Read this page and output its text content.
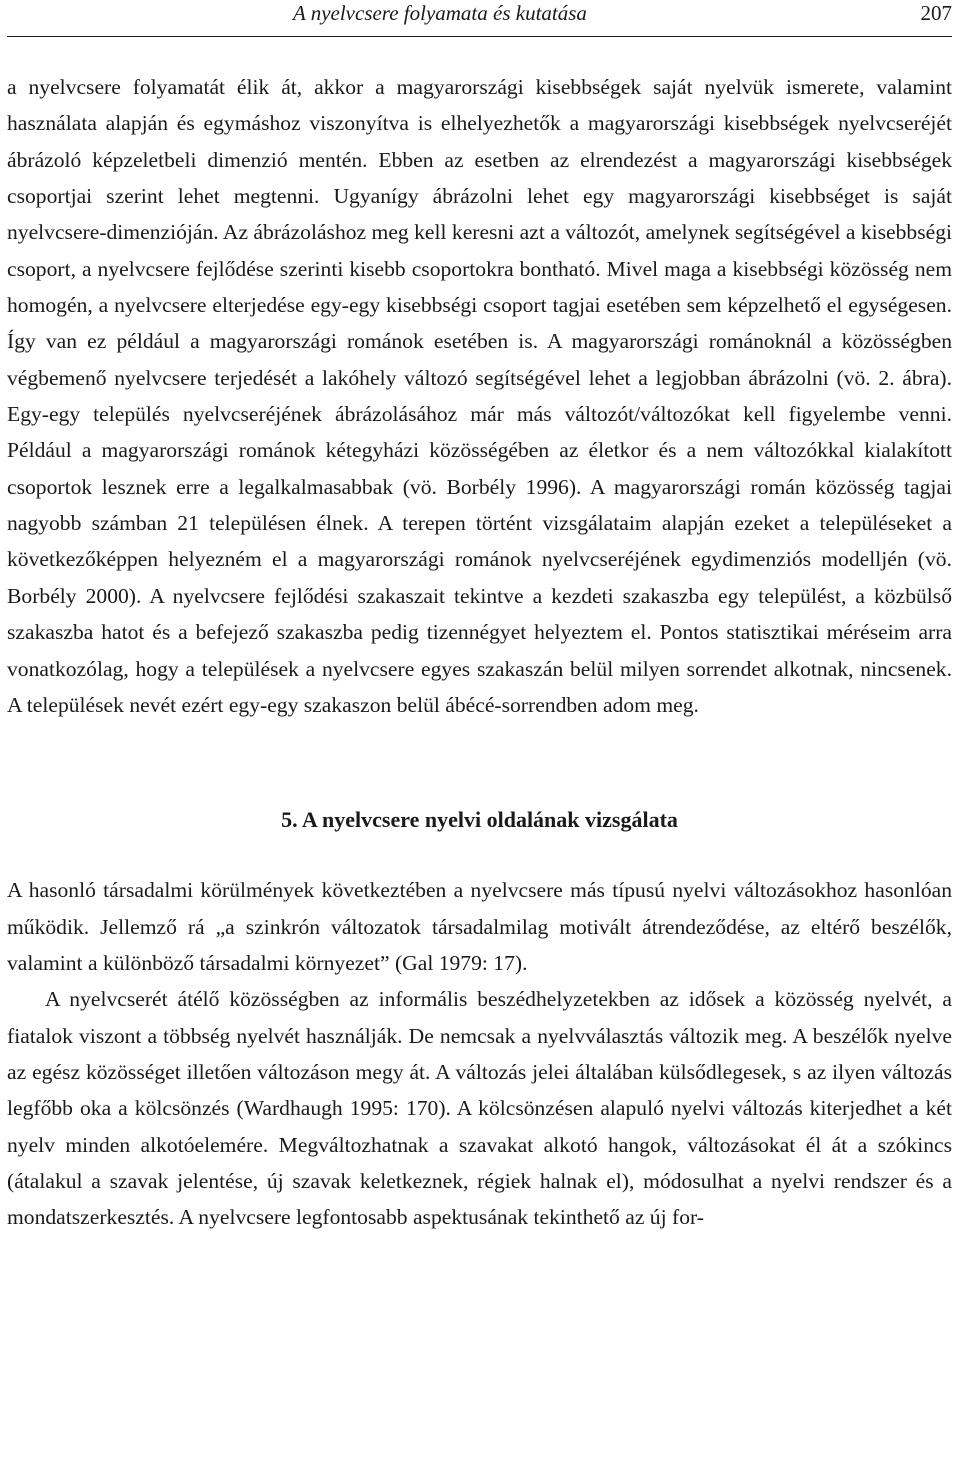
A nyelvcsere folyamata és kutatása	207

a nyelvcsere folyamatát élik át, akkor a magyarországi kisebbségek saját nyelvük ismerete, valamint használata alapján és egymáshoz viszonyítva is elhelyezhetők a magyarországi kisebbségek nyelvcseréjét ábrázoló képzeletbeli dimenzió mentén. Ebben az esetben az elrendezést a magyarországi kisebbségek csoportjai szerint lehet megtenni. Ugyanígy ábrázolni lehet egy magyarországi kisebbséget is saját nyelvcsere-dimenzióján. Az ábrázoláshoz meg kell keresni azt a változót, amelynek segítségével a kisebbségi csoport, a nyelvcsere fejlődése szerinti kisebb csoportokra bontható. Mivel maga a kisebbségi közösség nem homogén, a nyelvcsere elterjedése egy-egy kisebbségi csoport tagjai esetében sem képzelhető el egységesen. Így van ez például a magyarországi románok esetében is. A magyarországi románoknál a közösségben végbemenő nyelvcsere terjedését a lakóhely változó segítségével lehet a legjobban ábrázolni (vö. 2. ábra). Egy-egy település nyelvcseréjének ábrázolásához már más változót/változókat kell figyelembe venni. Például a magyarországi románok kétegyházi közösségében az életkor és a nem változókkal kialakított csoportok lesznek erre a legalkalmasabbak (vö. Borbély 1996). A magyarországi román közösség tagjai nagyobb számban 21 településen élnek. A terepen történt vizsgálataim alapján ezeket a településeket a következőképpen helyezném el a magyarországi románok nyelvcseréjének egydimenziós modelljén (vö. Borbély 2000). A nyelvcsere fejlődési szakaszait tekintve a kezdeti szakaszba egy települést, a közbülső szakaszba hatot és a befejező szakaszba pedig tizennégyet helyeztem el. Pontos statisztikai méréseim arra vonatkozólag, hogy a települések a nyelvcsere egyes szakaszán belül milyen sorrendet alkotnak, nincsenek. A települések nevét ezért egy-egy szakaszon belül ábécé-sorrendben adom meg.

5. A nyelvcsere nyelvi oldalának vizsgálata

A hasonló társadalmi körülmények következtében a nyelvcsere más típusú nyelvi változásokhoz hasonlóan működik. Jellemző rá „a szinkrón változatok társadalmilag motivált átrendeződése, az eltérő beszélők, valamint a különböző társadalmi környezet” (Gal 1979: 17).

A nyelvcserét átélő közösségben az informális beszédhelyzetekben az idősek a közösség nyelvét, a fiatalok viszont a többség nyelvét használják. De nemcsak a nyelvválasztás változik meg. A beszélők nyelve az egész közösséget illetően változáson megy át. A változás jelei általában külsődlegesek, s az ilyen változás legfőbb oka a kölcsönzés (Wardhaugh 1995: 170). A kölcsönzésen alapuló nyelvi változás kiterjedhet a két nyelv minden alkotóelemére. Megváltozhatnak a szavakat alkotó hangok, változásokat él át a szókincs (átalakul a szavak jelentése, új szavak keletkeznek, régiek halnak el), módosulhat a nyelvi rendszer és a mondatszerkesztés. A nyelvcsere legfontosabb aspektusának tekinthető az új for-
